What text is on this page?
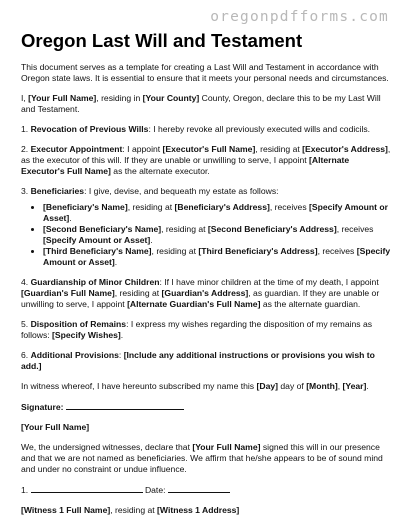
oregonpdfforms.com
Oregon Last Will and Testament

This document serves as a template for creating a Last Will and Testament in accordance with Oregon state laws. It is essential to ensure that it meets your personal needs and circumstances.

I, [Your Full Name], residing in [Your County] County, Oregon, declare this to be my Last Will and Testament.

1. Revocation of Previous Wills: I hereby revoke all previously executed wills and codicils.

2. Executor Appointment: I appoint [Executor's Full Name], residing at [Executor's Address], as the executor of this will. If they are unable or unwilling to serve, I appoint [Alternate Executor's Full Name] as the alternate executor.

3. Beneficiaries: I give, devise, and bequeath my estate as follows:

• [Beneficiary's Name], residing at [Beneficiary's Address], receives [Specify Amount or Asset].
• [Second Beneficiary's Name], residing at [Second Beneficiary's Address], receives [Specify Amount or Asset].
• [Third Beneficiary's Name], residing at [Third Beneficiary's Address], receives [Specify Amount or Asset].

4. Guardianship of Minor Children: If I have minor children at the time of my death, I appoint [Guardian's Full Name], residing at [Guardian's Address], as guardian. If they are unable or unwilling to serve, I appoint [Alternate Guardian's Full Name] as the alternate guardian.

5. Disposition of Remains: I express my wishes regarding the disposition of my remains as follows: [Specify Wishes].

6. Additional Provisions: [Include any additional instructions or provisions you wish to add.]

In witness whereof, I have hereunto subscribed my name this [Day] day of [Month], [Year].

Signature:

[Your Full Name]

We, the undersigned witnesses, declare that [Your Full Name] signed this will in our presence and that we are not named as beneficiaries. We affirm that he/she appears to be of sound mind and under no constraint or undue influence.

1.	Date:

[Witness 1 Full Name], residing at [Witness 1 Address]
